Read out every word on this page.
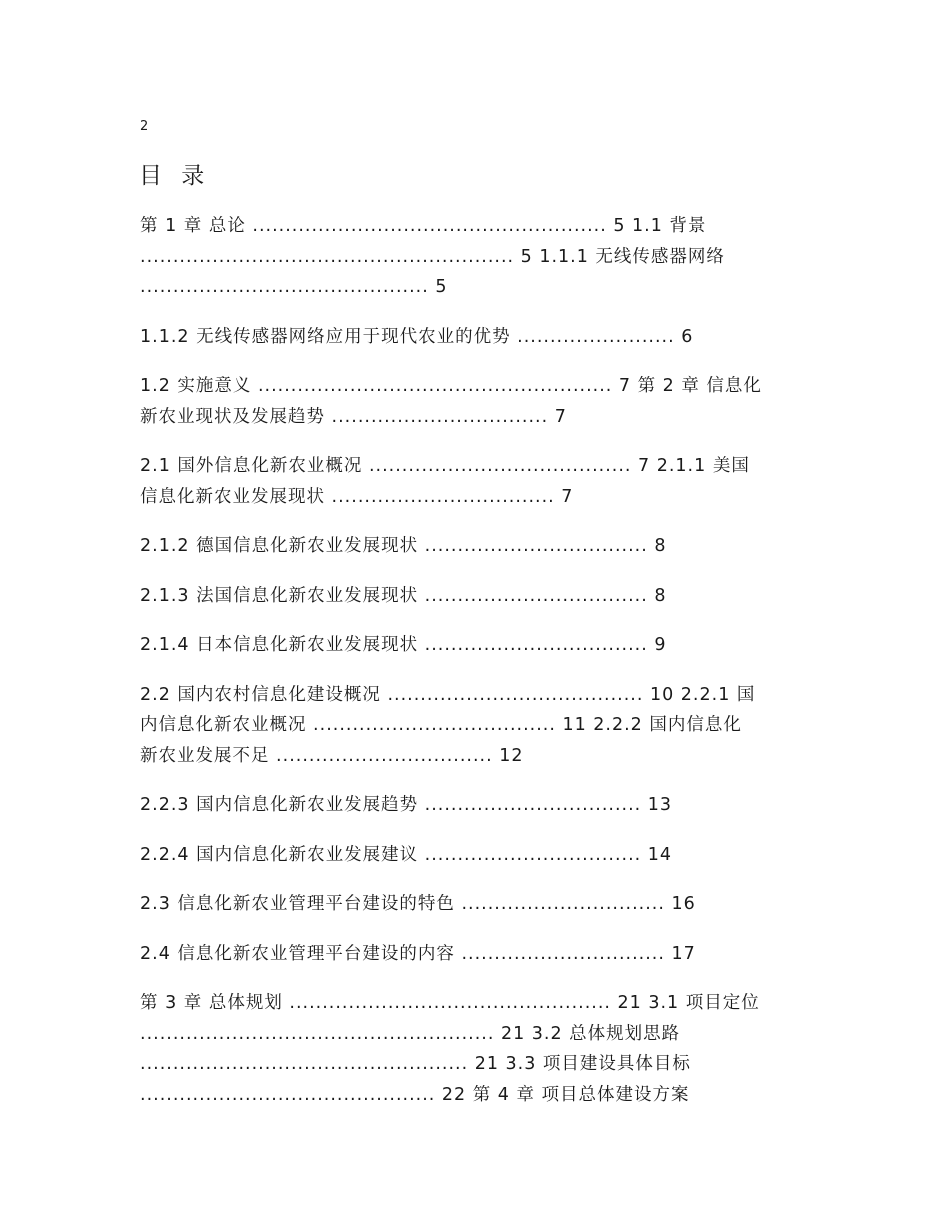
2
目 录
第 1 章 总论 ...................................................... 5 1.1 背景
......................................................... 5 1.1.1 无线传感器网络
............................................ 5
1.1.2 无线传感器网络应用于现代农业的优势 ........................ 6
1.2 实施意义 ...................................................... 7 第 2 章 信息化
新农业现状及发展趋势 ................................. 7
2.1 国外信息化新农业概况 ........................................ 7 2.1.1 美国
信息化新农业发展现状 .................................. 7
2.1.2 德国信息化新农业发展现状 .................................. 8
2.1.3 法国信息化新农业发展现状 .................................. 8
2.1.4 日本信息化新农业发展现状 .................................. 9
2.2 国内农村信息化建设概况 ....................................... 10 2.2.1 国
内信息化新农业概况 ..................................... 11 2.2.2 国内信息化
新农业发展不足 ................................. 12
2.2.3 国内信息化新农业发展趋势 ................................. 13
2.2.4 国内信息化新农业发展建议 ................................. 14
2.3 信息化新农业管理平台建设的特色 ............................... 16
2.4 信息化新农业管理平台建设的内容 ............................... 17
第 3 章 总体规划 ................................................. 21 3.1 项目定位
...................................................... 21 3.2 总体规划思路
.................................................. 21 3.3 项目建设具体目标
............................................. 22 第 4 章 项目总体建设方案
